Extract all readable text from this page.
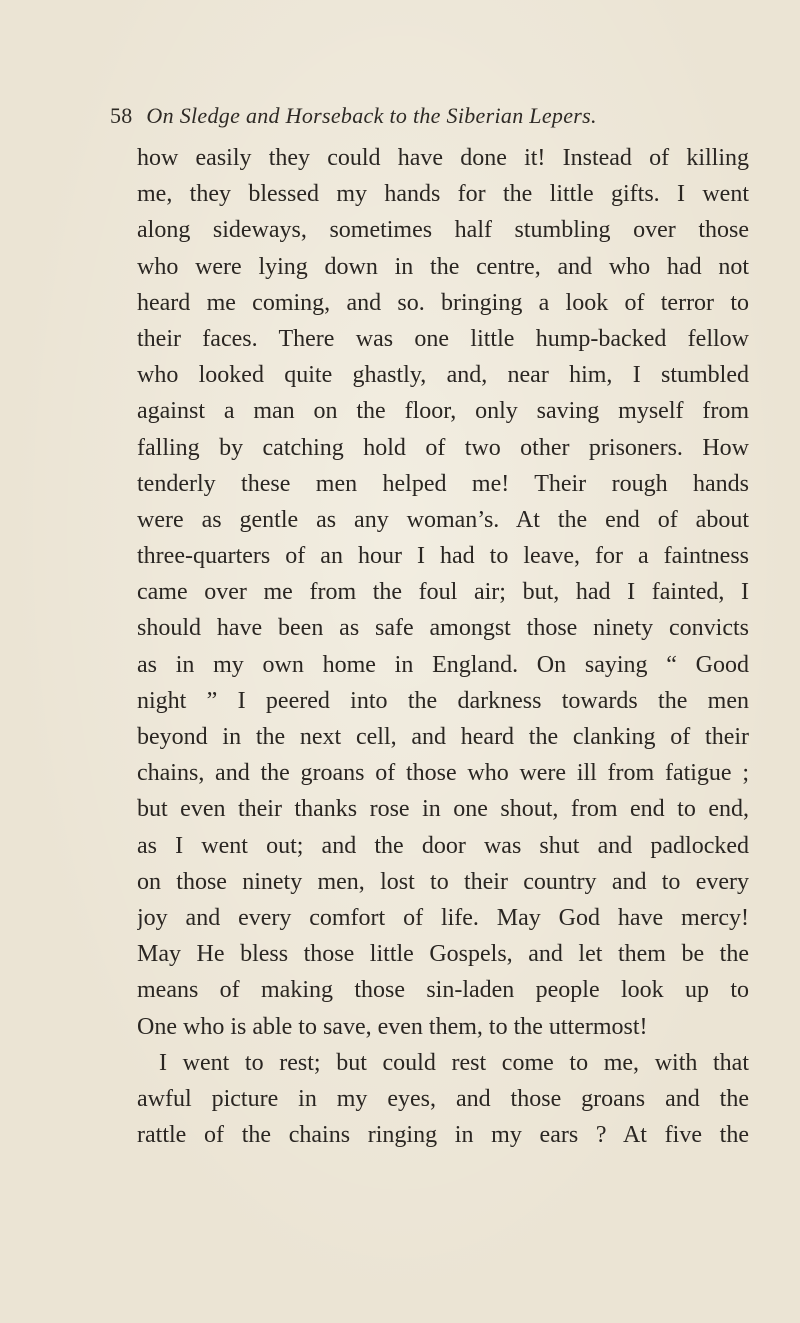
58 On Sledge and Horseback to the Siberian Lepers.
how easily they could have done it! Instead of killing
me, they blessed my hands for the little gifts. I went
along sideways, sometimes half stumbling over those
who were lying down in the centre, and who had not
heard me coming, and so. bringing a look of terror to
their faces. There was one little hump-backed fellow
who looked quite ghastly, and, near him, I stumbled
against a man on the floor, only saving myself from
falling by catching hold of two other prisoners. How
tenderly these men helped me! Their rough hands
were as gentle as any woman’s. At the end of about
three-quarters of an hour I had to leave, for a faintness
came over me from the foul air; but, had I fainted, I
should have been as safe amongst those ninety convicts
as in my own home in England. On saying “ Good
night ” I peered into the darkness towards the men
beyond in the next cell, and heard the clanking of their
chains, and the groans of those who were ill from fatigue ;
but even their thanks rose in one shout, from end to end,
as I went out; and the door was shut and padlocked
on those ninety men, lost to their country and to every
joy and every comfort of life. May God have mercy!
May He bless those little Gospels, and let them be the
means of making those sin-laden people look up to
One who is able to save, even them, to the uttermost!
I went to rest; but could rest come to me, with that
awful picture in my eyes, and those groans and the
rattle of the chains ringing in my ears ? At five the
